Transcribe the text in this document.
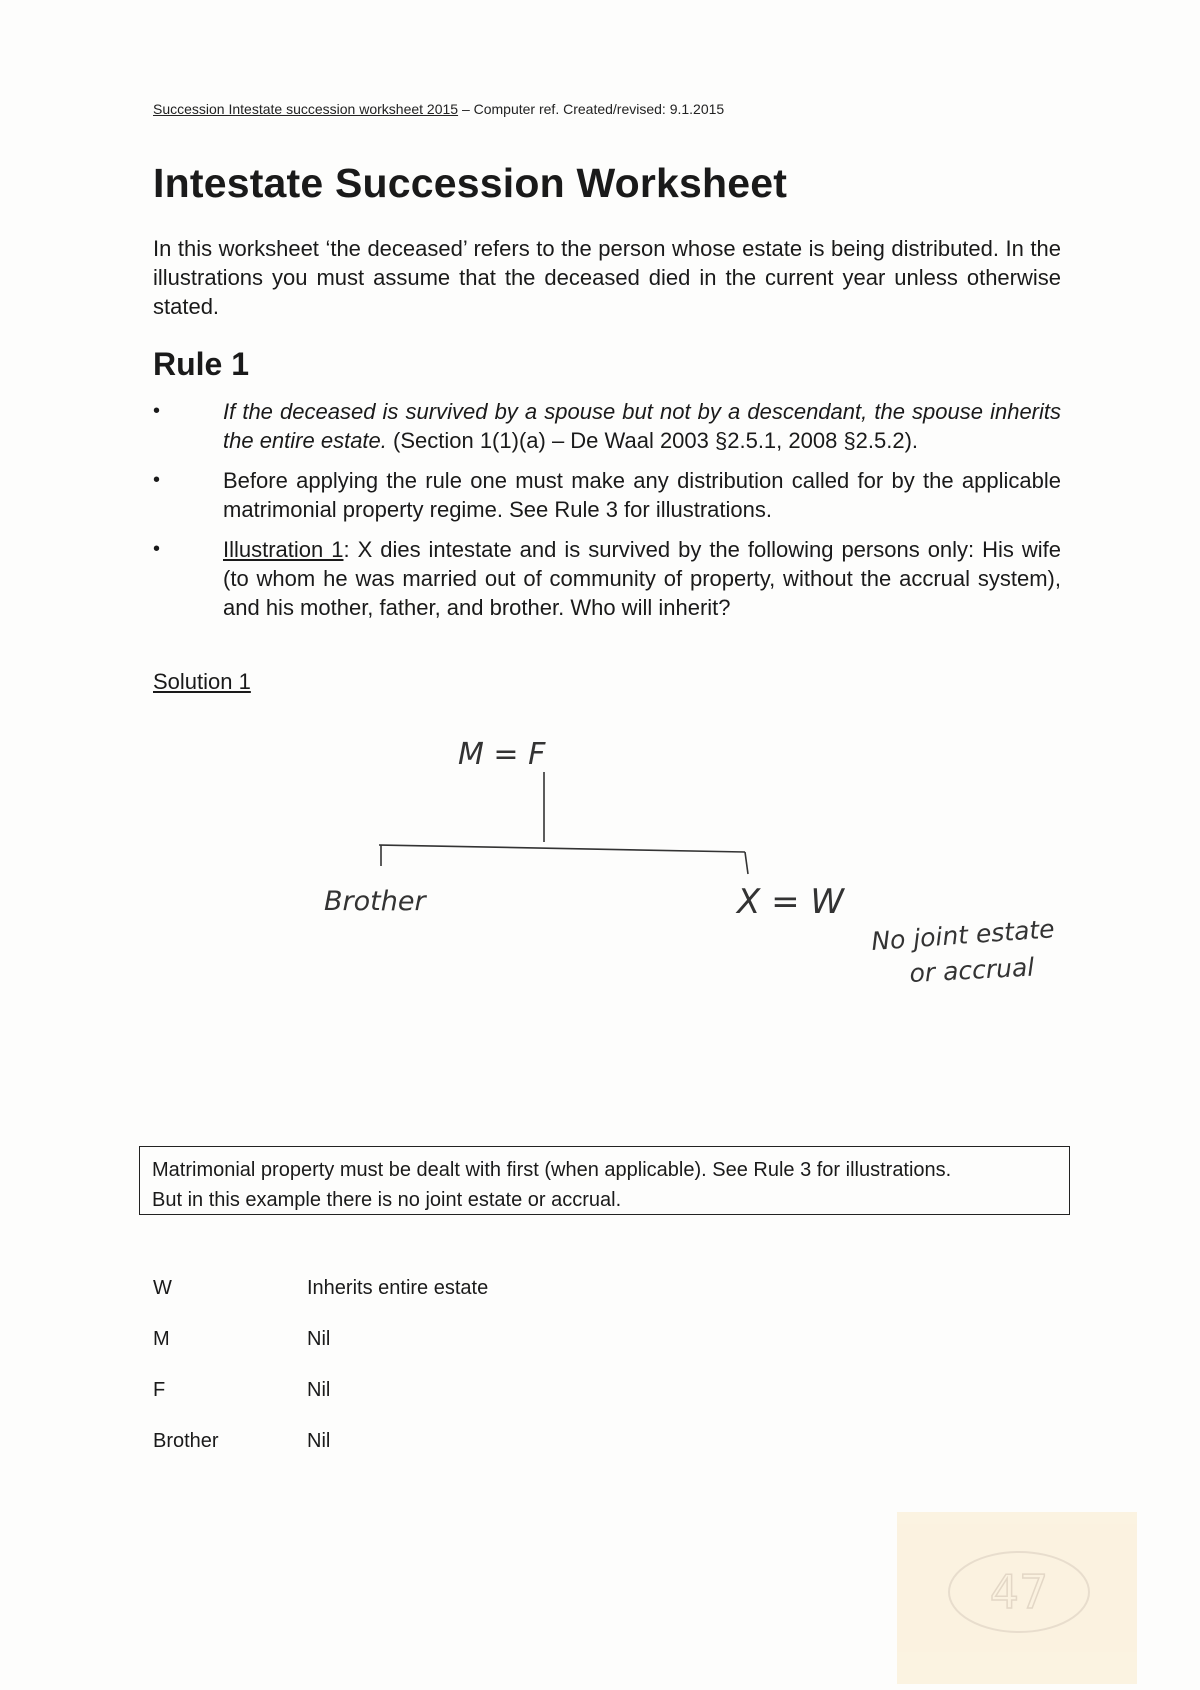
Succession Intestate succession worksheet 2015 – Computer ref. Created/revised: 9.1.2015
Intestate Succession Worksheet

In this worksheet ‘the deceased’ refers to the person whose estate is being distributed. In the illustrations you must assume that the deceased died in the current year unless otherwise stated.

Rule 1
•	If the deceased is survived by a spouse but not by a descendant, the spouse inherits the entire estate. (Section 1(1)(a) – De Waal 2003 §2.5.1, 2008 §2.5.2).
•	Before applying the rule one must make any distribution called for by the applicable matrimonial property regime. See Rule 3 for illustrations.
•	Illustration 1: X dies intestate and is survived by the following persons only: His wife (to whom he was married out of community of property, without the accrual system), and his mother, father, and brother. Who will inherit?
Solution 1
M = F
Brother	X = W
No joint estate
or accrual
Matrimonial property must be dealt with first (when applicable). See Rule 3 for illustrations.
But in this example there is no joint estate or accrual.
W	Inherits entire estate
M	Nil
F	Nil
Brother	Nil
47
